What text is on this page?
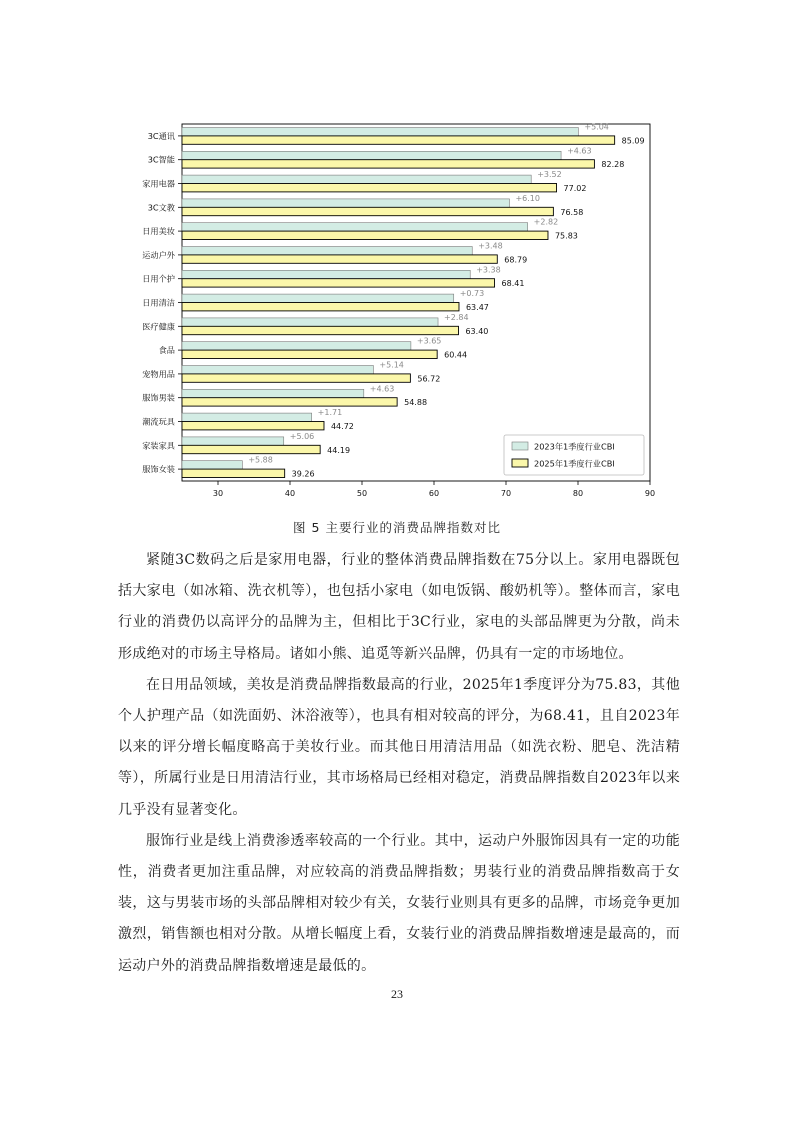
30	40	50	60	70	80	90
3C通讯
+5.04
85.09
3C智能
+4.63
82.28
家用电器
+3.52
77.02
3C文教
+6.10
76.58
日用美妆
+2.82
75.83
运动户外
+3.48
68.79
日用个护
+3.38
68.41
日用清洁
+0.73
63.47
医疗健康
+2.84
63.40
食品
+3.65
60.44
宠物用品
+5.14
56.72
服饰男装
+4.63
54.88
潮流玩具
+1.71
44.72
家装家具
+5.06
44.19
服饰女装
+5.88
39.26
2023年1季度行业CBI
2025年1季度行业CBI
图 5 主要行业的消费品牌指数对比

紧随3C数码之后是家用电器，行业的整体消费品牌指数在75分以上。家用电器既包括大家电（如冰箱、洗衣机等），也包括小家电（如电饭锅、酸奶机等）。整体而言，家电行业的消费仍以高评分的品牌为主，但相比于3C行业，家电的头部品牌更为分散，尚未形成绝对的市场主导格局。诸如小熊、追觅等新兴品牌，仍具有一定的市场地位。

在日用品领域，美妆是消费品牌指数最高的行业，2025年1季度评分为75.83，其他个人护理产品（如洗面奶、沐浴液等），也具有相对较高的评分，为68.41，且自2023年以来的评分增长幅度略高于美妆行业。而其他日用清洁用品（如洗衣粉、肥皂、洗洁精等），所属行业是日用清洁行业，其市场格局已经相对稳定，消费品牌指数自2023年以来几乎没有显著变化。

服饰行业是线上消费渗透率较高的一个行业。其中，运动户外服饰因具有一定的功能性，消费者更加注重品牌，对应较高的消费品牌指数；男装行业的消费品牌指数高于女装，这与男装市场的头部品牌相对较少有关，女装行业则具有更多的品牌，市场竞争更加激烈，销售额也相对分散。从增长幅度上看，女装行业的消费品牌指数增速是最高的，而运动户外的消费品牌指数增速是最低的。

23
